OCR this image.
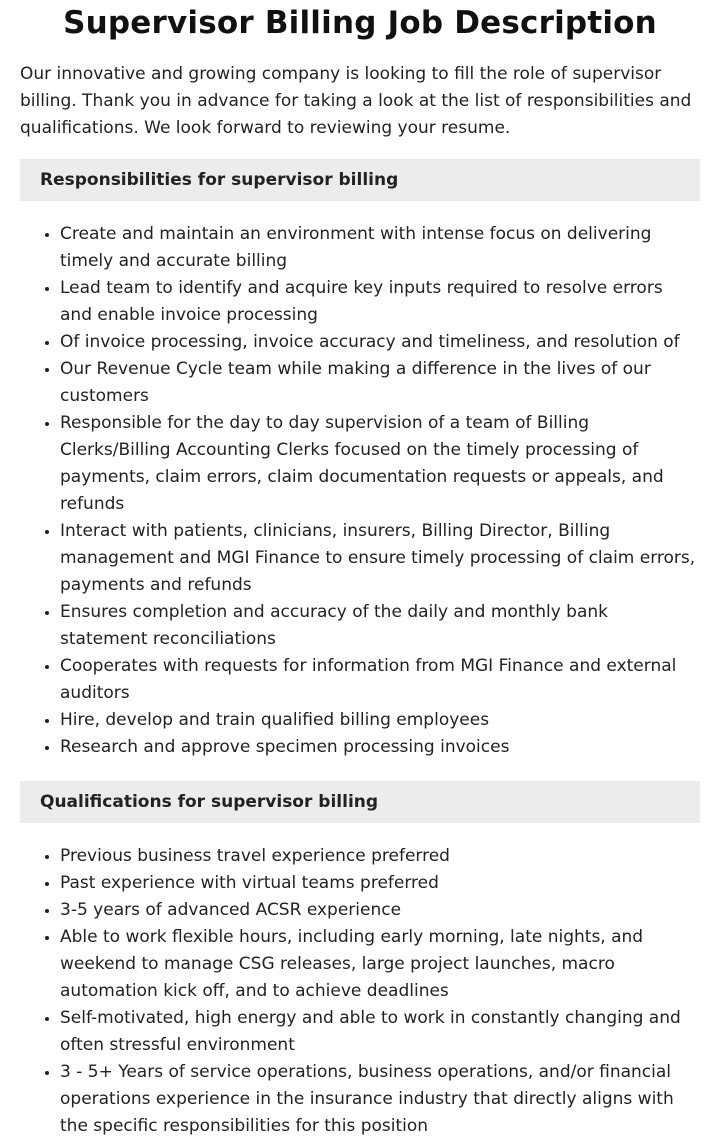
Supervisor Billing Job Description

Our innovative and growing company is looking to fill the role of supervisor billing. Thank you in advance for taking a look at the list of responsibilities and qualifications. We look forward to reviewing your resume.

Responsibilities for supervisor billing
• Create and maintain an environment with intense focus on delivering timely and accurate billing
• Lead team to identify and acquire key inputs required to resolve errors and enable invoice processing
• Of invoice processing, invoice accuracy and timeliness, and resolution of
• Our Revenue Cycle team while making a difference in the lives of our customers
• Responsible for the day to day supervision of a team of Billing Clerks/Billing Accounting Clerks focused on the timely processing of payments, claim errors, claim documentation requests or appeals, and refunds
• Interact with patients, clinicians, insurers, Billing Director, Billing management and MGI Finance to ensure timely processing of claim errors, payments and refunds
• Ensures completion and accuracy of the daily and monthly bank statement reconciliations
• Cooperates with requests for information from MGI Finance and external auditors
• Hire, develop and train qualified billing employees
• Research and approve specimen processing invoices
Qualifications for supervisor billing
• Previous business travel experience preferred
• Past experience with virtual teams preferred
• 3-5 years of advanced ACSR experience
• Able to work flexible hours, including early morning, late nights, and weekend to manage CSG releases, large project launches, macro automation kick off, and to achieve deadlines
• Self-motivated, high energy and able to work in constantly changing and often stressful environment
• 3 - 5+ Years of service operations, business operations, and/or financial operations experience in the insurance industry that directly aligns with the specific responsibilities for this position
